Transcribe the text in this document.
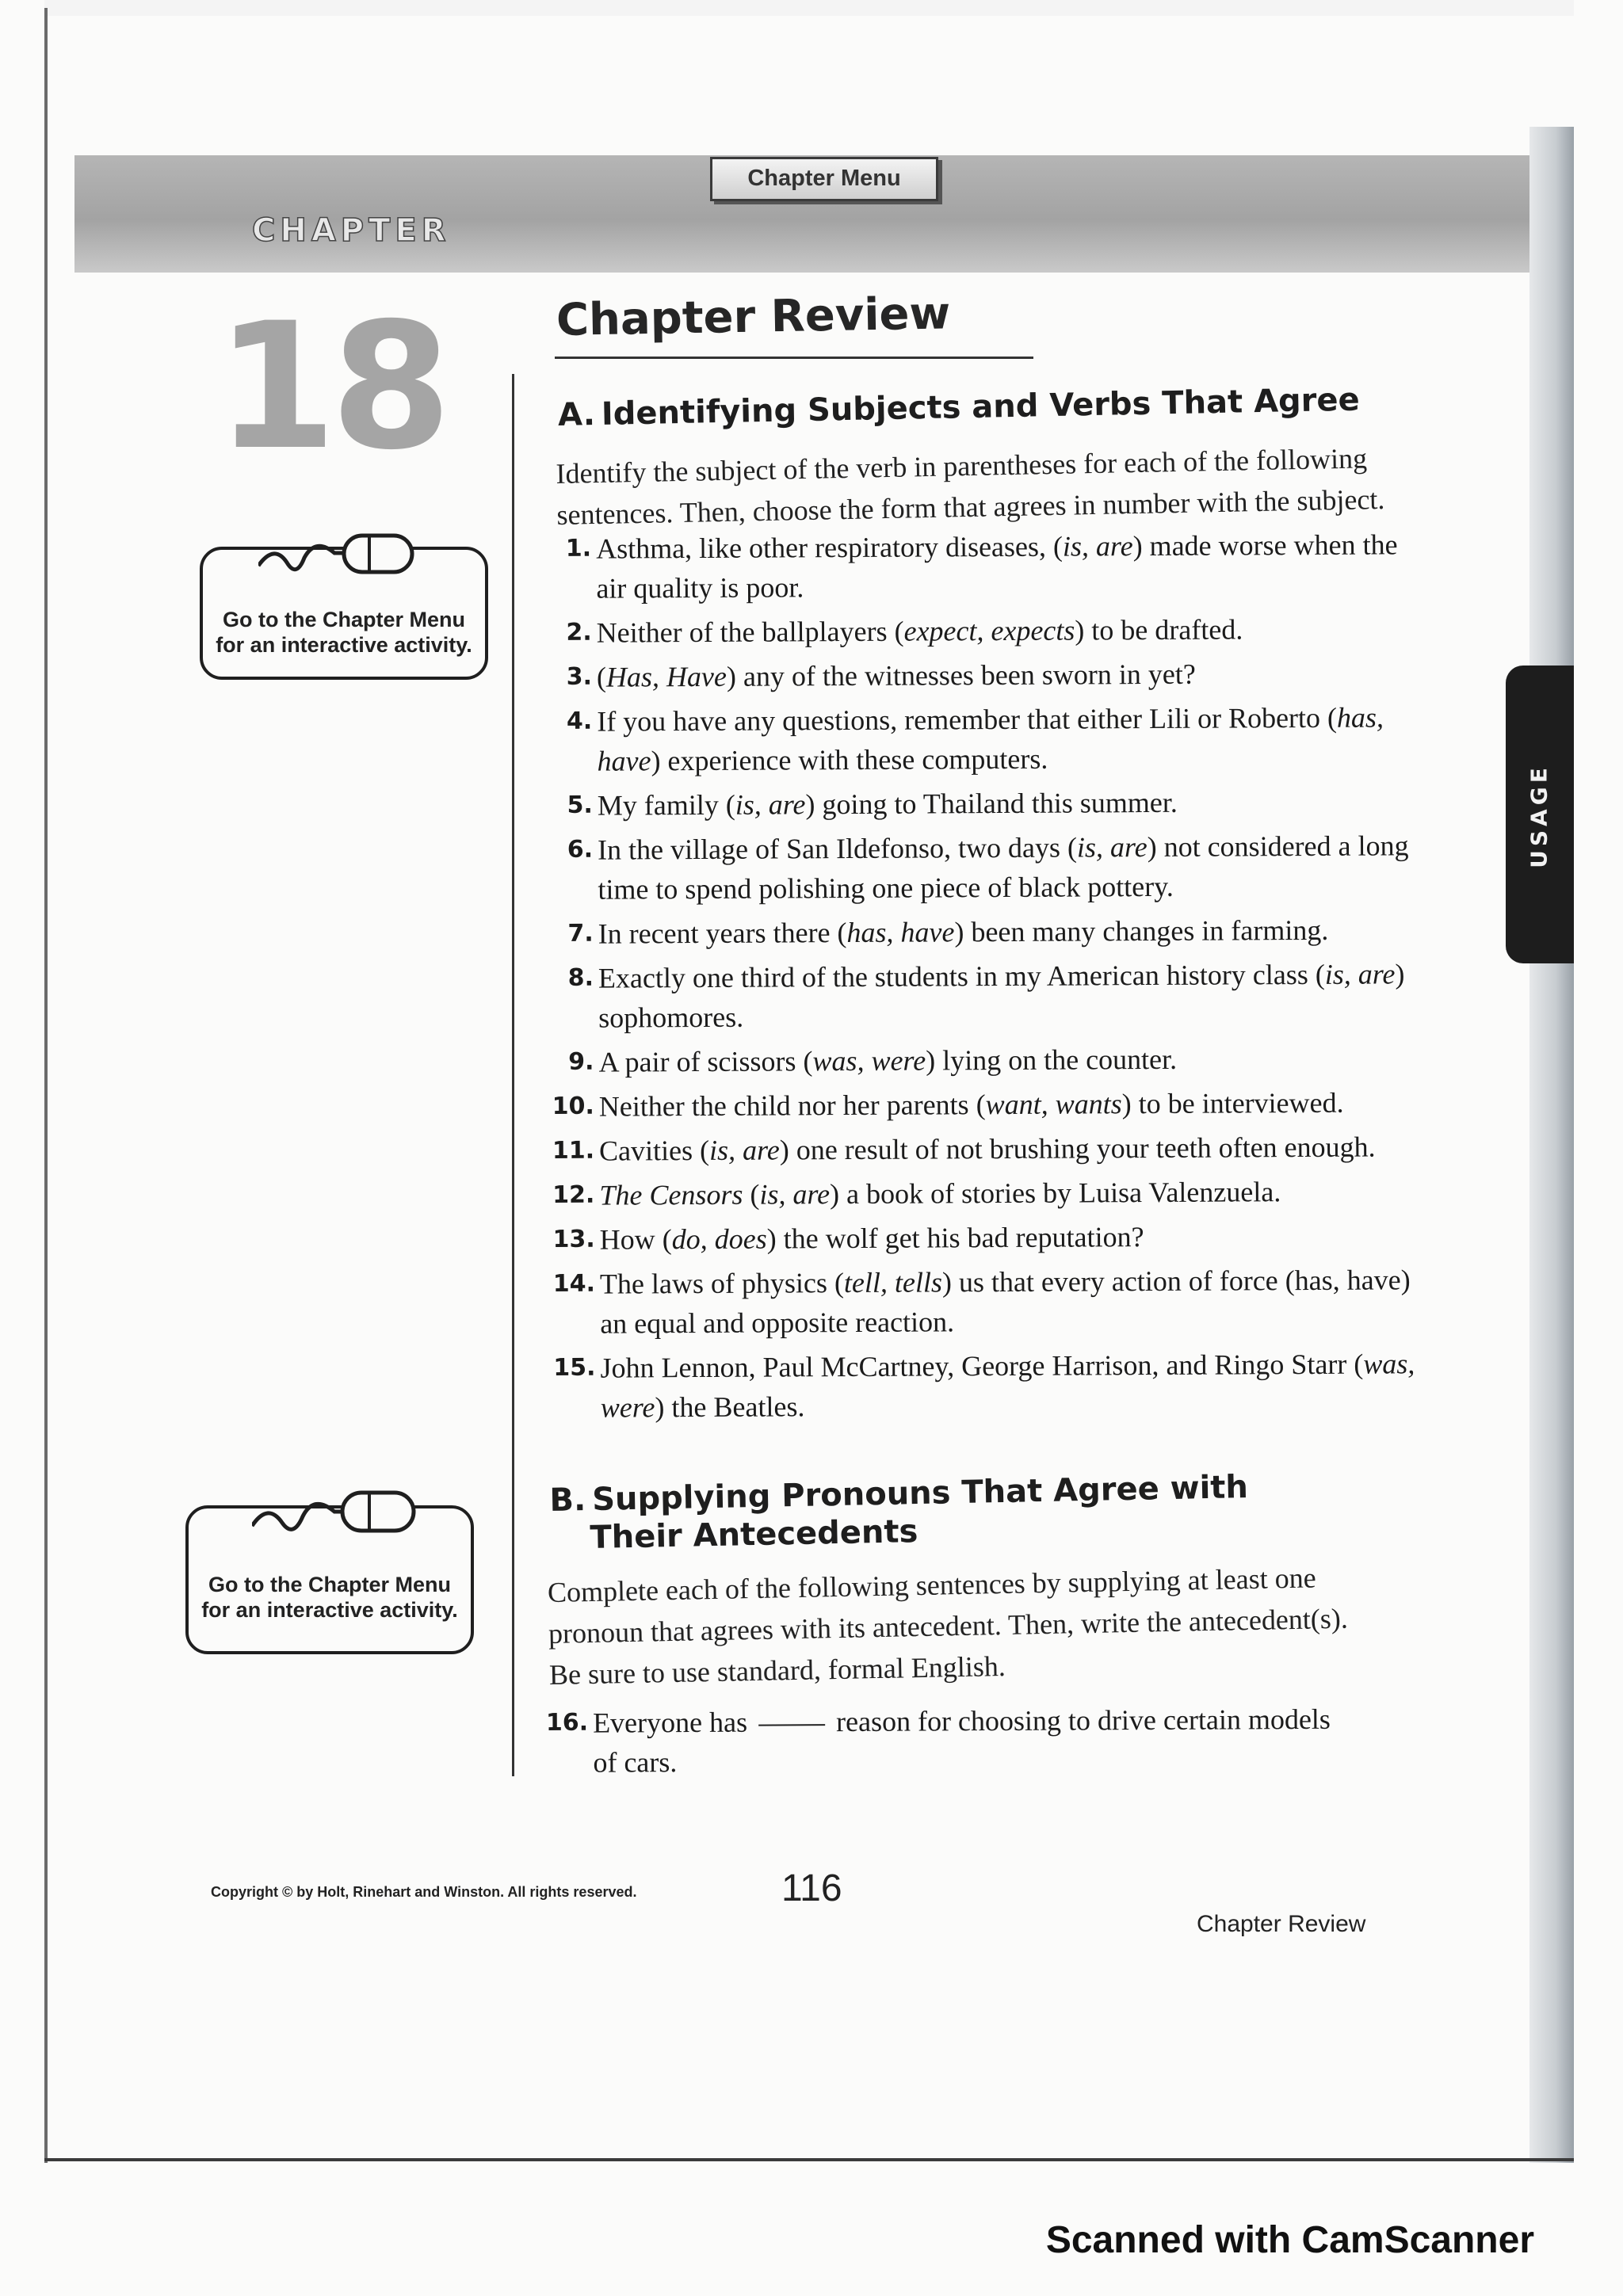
CHAPTER
Chapter Menu
18	Chapter Review
A. Identifying Subjects and Verbs That Agree
Identify the subject of the verb in parentheses for each of the following
sentences. Then, choose the form that agrees in number with the subject.
1. Asthma, like other respiratory diseases, (is, are) made worse when the air quality is poor.
2. Neither of the ballplayers (expect, expects) to be drafted.
3. (Has, Have) any of the witnesses been sworn in yet?
4. If you have any questions, remember that either Lili or Roberto (has, have) experience with these computers.
5. My family (is, are) going to Thailand this summer.
6. In the village of San Ildefonso, two days (is, are) not considered a long time to spend polishing one piece of black pottery.
7. In recent years there (has, have) been many changes in farming.
8. Exactly one third of the students in my American history class (is, are) sophomores.
9. A pair of scissors (was, were) lying on the counter.
10. Neither the child nor her parents (want, wants) to be interviewed.
11. Cavities (is, are) one result of not brushing your teeth often enough.
12. The Censors (is, are) a book of stories by Luisa Valenzuela.
13. How (do, does) the wolf get his bad reputation?
14. The laws of physics (tell, tells) us that every action of force (has, have) an equal and opposite reaction.
15. John Lennon, Paul McCartney, George Harrison, and Ringo Starr (was, were) the Beatles.
B. Supplying Pronouns That Agree with
Their Antecedents
Complete each of the following sentences by supplying at least one
pronoun that agrees with its antecedent. Then, write the antecedent(s).
Be sure to use standard, formal English.
16. Everyone has	reason for choosing to drive certain models
of cars.
Go to the Chapter Menu
for an interactive activity.
Go to the Chapter Menu
for an interactive activity.
USAGE
Copyright © by Holt, Rinehart and Winston. All rights reserved.	116
Chapter Review
Scanned with CamScanner
